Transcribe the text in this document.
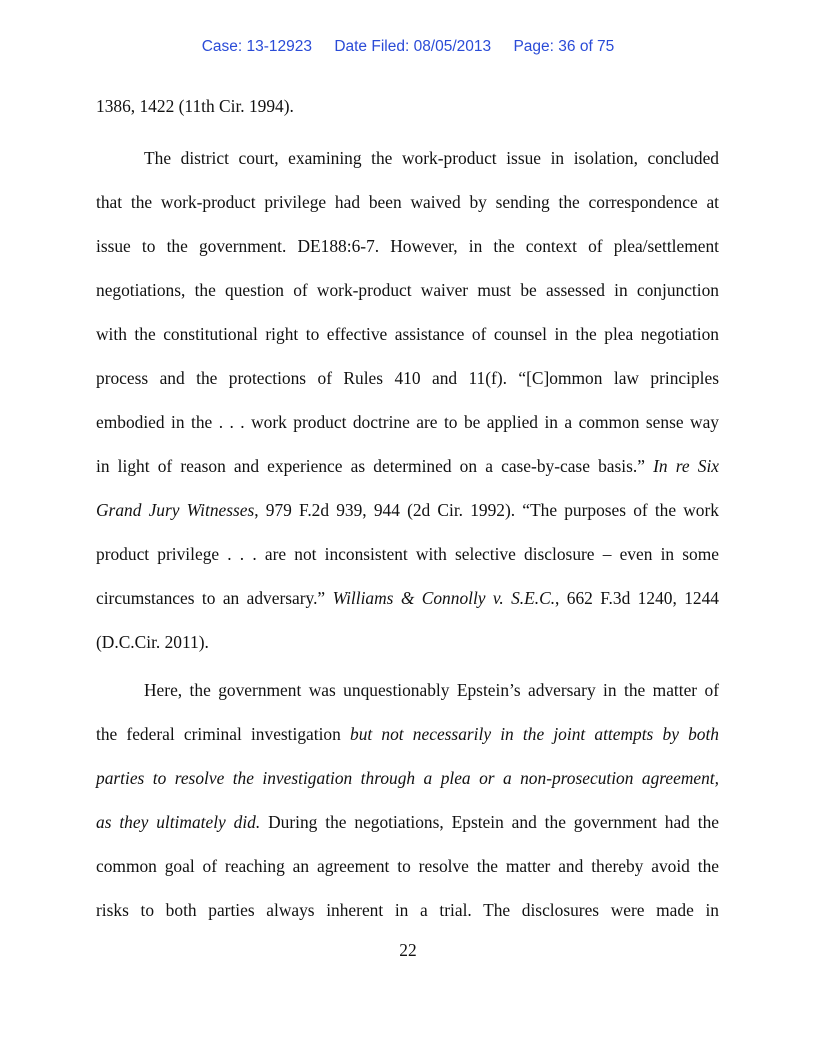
Case: 13-12923 Date Filed: 08/05/2013 Page: 36 of 75
1386, 1422 (11th Cir. 1994).
The district court, examining the work-product issue in isolation, concluded
that the work-product privilege had been waived by sending the correspondence at
issue to the government. DE188:6-7. However, in the context of plea/settlement
negotiations, the question of work-product waiver must be assessed in conjunction
with the constitutional right to effective assistance of counsel in the plea negotiation
process and the protections of Rules 410 and 11(f). “[C]ommon law principles
embodied in the . . . work product doctrine are to be applied in a common sense way
in light of reason and experience as determined on a case-by-case basis.” In re Six
Grand Jury Witnesses, 979 F.2d 939, 944 (2d Cir. 1992). “The purposes of the work
product privilege . . . are not inconsistent with selective disclosure – even in some
circumstances to an adversary.” Williams & Connolly v. S.E.C., 662 F.3d 1240, 1244
(D.C.Cir. 2011).
Here, the government was unquestionably Epstein’s adversary in the matter of
the federal criminal investigation but not necessarily in the joint attempts by both
parties to resolve the investigation through a plea or a non-prosecution agreement,
as they ultimately did. During the negotiations, Epstein and the government had the
common goal of reaching an agreement to resolve the matter and thereby avoid the
risks to both parties always inherent in a trial. The disclosures were made in
22
